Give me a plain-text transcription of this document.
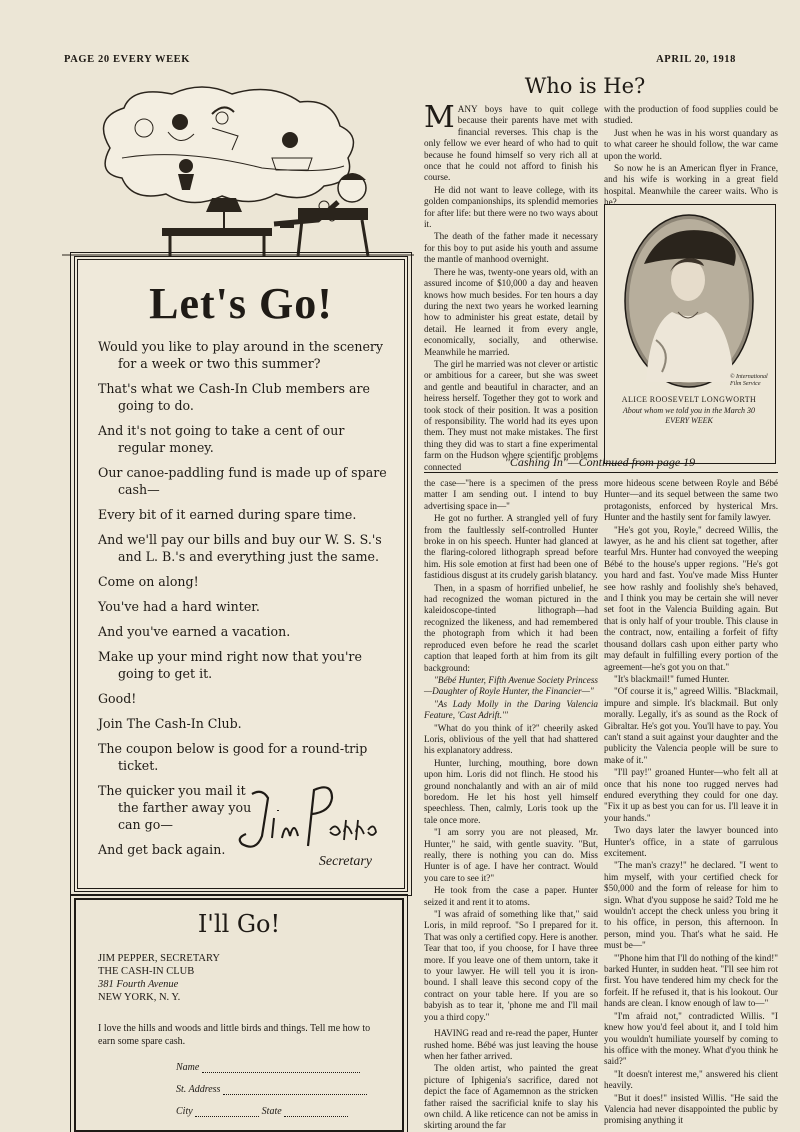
PAGE 20 EVERY WEEK	APRIL 20, 1918
Let's Go!

Would you like to play around in the scenery for a week or two this summer?

That's what we Cash-In Club members are going to do.

And it's not going to take a cent of our regular money.

Our canoe-paddling fund is made up of spare cash—

Every bit of it earned during spare time.

And we'll pay our bills and buy our W. S. S.'s and L. B.'s and everything just the same.

Come on along!

You've had a hard winter.

And you've earned a vacation.

Make up your mind right now that you're going to get it.

Good!

Join The Cash-In Club.

The coupon below is good for a round-trip ticket.

The quicker you mail it the farther away you can go—

And get back again.

Secretary
I'll Go!
JIM PEPPER, SECRETARY
THE CASH-IN CLUB
381 Fourth Avenue
NEW YORK, N. Y.
I love the hills and woods and little birds and things. Tell me how to earn some spare cash.
Name
St. Address
City	State
Who is He?

MANY boys have to quit college because their parents have met with financial reverses. This chap is the only fellow we ever heard of who had to quit because he found himself so very rich all at once that he could not afford to finish his course.

He did not want to leave college, with its golden companionships, its splendid memories for after life: but there were no two ways about it.

The death of the father made it necessary for this boy to put aside his youth and assume the mantle of manhood overnight.

There he was, twenty-one years old, with an assured income of $10,000 a day and heaven knows how much besides. For ten hours a day during the next two years he worked learning how to administer his great estate, detail by detail. He learned it from every angle, economically, socially, and otherwise. Meanwhile he married.

The girl he married was not clever or artistic or ambitious for a career, but she was sweet and gentle and beautiful in character, and an heiress herself. Together they got to work and took stock of their position. It was a position of responsibility. The world had its eyes upon them. They must not make mistakes. The first thing they did was to start a fine experimental farm on the Hudson where scientific problems connected

with the production of food supplies could be studied.

Just when he was in his worst quandary as to what career he should follow, the war came upon the world.

So now he is an American flyer in France, and his wife is working in a great field hospital. Meanwhile the career waits. Who is he?

© International Film Service
ALICE ROOSEVELT LONGWORTH
About whom we told you in the March 30 EVERY WEEK
"Cashing In"—Continued from page 19

the case—"here is a specimen of the press matter I am sending out. I intend to buy advertising space in—"

He got no further. A strangled yell of fury from the faultlessly self-controlled Hunter broke in on his speech. Hunter had glanced at the flaring-colored lithograph spread before him. His sole emotion at first had been one of fastidious disgust at its crudely garish blatancy.

Then, in a spasm of horrified unbelief, he had recognized the woman pictured in the kaleidoscope-tinted lithograph—had recognized the likeness, and had remembered the photograph from which it had been reproduced even before he read the scarlet caption that leaped forth at him from its gilt background:

"Bébé Hunter, Fifth Avenue Society Princess—Daughter of Royle Hunter, the Financier—"

"As Lady Molly in the Daring Valencia Feature, 'Cast Adrift.'"

"What do you think of it?" cheerily asked Loris, oblivious of the yell that had shattered his explanatory address.

Hunter, lurching, mouthing, bore down upon him. Loris did not flinch. He stood his ground nonchalantly and with an air of mild boredom. He let his host yell himself speechless. Then, calmly, Loris took up the tale once more.

"I am sorry you are not pleased, Mr. Hunter," he said, with gentle suavity. "But, really, there is nothing you can do. Miss Hunter is of age. I have her contract. Would you care to see it?"

He took from the case a paper. Hunter seized it and rent it to atoms.

"I was afraid of something like that," said Loris, in mild reproof. "So I prepared for it. That was only a certified copy. Here is another. Tear that too, if you choose, for I have three more. If you leave one of them untorn, take it to your lawyer. He will tell you it is iron-bound. I shall leave this second copy of the contract on your table here. If you are so babyish as to tear it, 'phone me and I'll mail you a third copy."

HAVING read and re-read the paper, Hunter rushed home. Bébé was just leaving the house when her father arrived.

The olden artist, who painted the great picture of Iphigenia's sacrifice, dared not depict the face of Agamemnon as the stricken father raised the sacrificial knife to slay his own child. A like reticence can not be amiss in skirting around the far

more hideous scene between Royle and Bébé Hunter—and its sequel between the same two protagonists, enforced by hysterical Mrs. Hunter and the hastily sent for family lawyer.

"He's got you, Royle," decreed Willis, the lawyer, as he and his client sat together, after tearful Mrs. Hunter had convoyed the weeping Bébé to the house's upper regions. "He's got you hard and fast. You've made Miss Hunter see how rashly and foolishly she's behaved, and I think you may be certain she will never set foot in the Valencia Building again. But that is only half of your trouble. This clause in the contract, now, entailing a forfeit of fifty thousand dollars cash upon either party who may default in fulfilling every portion of the agreement—he's got you on that."

"It's blackmail!" fumed Hunter.

"Of course it is," agreed Willis. "Blackmail, impure and simple. It's blackmail. But only morally. Legally, it's as sound as the Rock of Gibraltar. He's got you. You'll have to pay. You can't stand a suit against your daughter and the publicity the Valencia people will be sure to make of it."

"I'll pay!" groaned Hunter—who felt all at once that his none too rugged nerves had endured everything they could for one day. "Fix it up as best you can for us. I'll leave it in your hands."

Two days later the lawyer bounced into Hunter's office, in a state of garrulous excitement.

"The man's crazy!" he declared. "I went to him myself, with your certified check for $50,000 and the form of release for him to sign. What d'you suppose he said? Told me he wouldn't accept the check unless you bring it to his office, in person, this afternoon. In person, mind you. That's what he said. He must be—"

"'Phone him that I'll do nothing of the kind!" barked Hunter, in sudden heat. "I'll see him rot first. You have tendered him my check for the forfeit. If he refused it, that is his lookout. Our hands are clean. I know enough of law to—"

"I'm afraid not," contradicted Willis. "I knew how you'd feel about it, and I told him you wouldn't humiliate yourself by coming to his office with the money. What d'you think he said?"

"It doesn't interest me," answered his client heavily.

"But it does!" insisted Willis. "He said the Valencia had never disappointed the public by promising anything it
